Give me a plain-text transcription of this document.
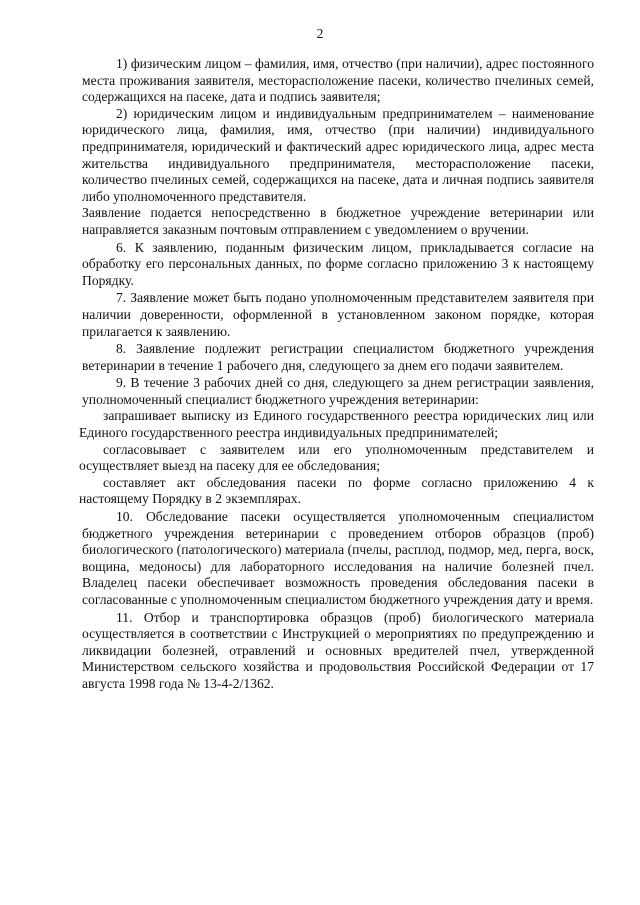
2

1) физическим лицом – фамилия, имя, отчество (при наличии), адрес постоянного места проживания заявителя, месторасположение пасеки, количество пчелиных семей, содержащихся на пасеке, дата и подпись заявителя;

2) юридическим лицом и индивидуальным предпринимателем – наименование юридического лица, фамилия, имя, отчество (при наличии) индивидуального предпринимателя, юридический и фактический адрес юридического лица, адрес места жительства индивидуального предпринимателя, месторасположение пасеки, количество пчелиных семей, содержащихся на пасеке, дата и личная подпись заявителя либо уполномоченного представителя.

Заявление подается непосредственно в бюджетное учреждение ветеринарии или направляется заказным почтовым отправлением с уведомлением о вручении.

6. К заявлению, поданным физическим лицом, прикладывается согласие на обработку его персональных данных, по форме согласно приложению 3 к настоящему Порядку.

7. Заявление может быть подано уполномоченным представителем заявителя при наличии доверенности, оформленной в установленном законом порядке, которая прилагается к заявлению.

8. Заявление подлежит регистрации специалистом бюджетного учреждения ветеринарии в течение 1 рабочего дня, следующего за днем его подачи заявителем.

9. В течение 3 рабочих дней со дня, следующего за днем регистрации заявления, уполномоченный специалист бюджетного учреждения ветеринарии:

запрашивает выписку из Единого государственного реестра юридических лиц или Единого государственного реестра индивидуальных предпринимателей;

согласовывает с заявителем или его уполномоченным представителем и осуществляет выезд на пасеку для ее обследования;

составляет акт обследования пасеки по форме согласно приложению 4 к настоящему Порядку в 2 экземплярах.

10. Обследование пасеки осуществляется уполномоченным специалистом бюджетного учреждения ветеринарии с проведением отборов образцов (проб) биологического (патологического) материала (пчелы, расплод, подмор, мед, перга, воск, вощина, медоносы) для лабораторного исследования на наличие болезней пчел. Владелец пасеки обеспечивает возможность проведения обследования пасеки в согласованные с уполномоченным специалистом бюджетного учреждения дату и время.

11. Отбор и транспортировка образцов (проб) биологического материала осуществляется в соответствии с Инструкцией о мероприятиях по предупреждению и ликвидации болезней, отравлений и основных вредителей пчел, утвержденной Министерством сельского хозяйства и продовольствия Российской Федерации от 17 августа 1998 года № 13-4-2/1362.
